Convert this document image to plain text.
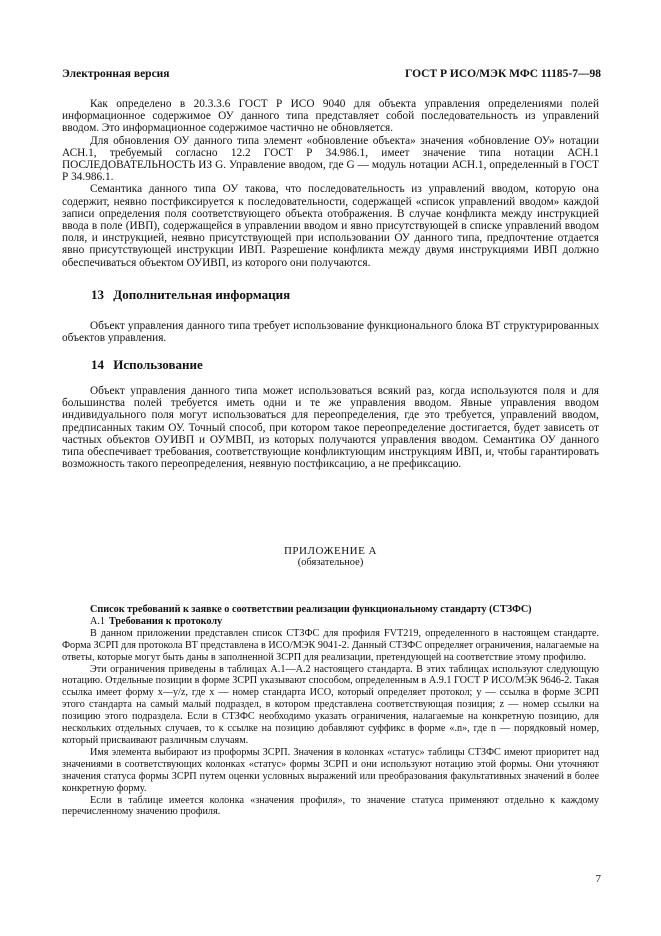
Электронная версия	ГОСТ Р ИСО/МЭК МФС 11185-7—98

Как определено в 20.3.3.6 ГОСТ Р ИСО 9040 для объекта управления определениями полей информационное содержимое ОУ данного типа представляет собой последовательность из управлений вводом. Это информационное содержимое частично не обновляется.

Для обновления ОУ данного типа элемент «обновление объекта» значения «обновление ОУ» нотации АСН.1, требуемый согласно 12.2 ГОСТ Р 34.986.1, имеет значение типа нотации АСН.1 ПОСЛЕДОВАТЕЛЬНОСТЬ ИЗ G. Управление вводом, где G — модуль нотации АСН.1, определенный в ГОСТ Р 34.986.1.

Семантика данного типа ОУ такова, что последовательность из управлений вводом, которую она содержит, неявно постфиксируется к последовательности, содержащей «список управлений вводом» каждой записи определения поля соответствующего объекта отображения. В случае конфликта между инструкцией ввода в поле (ИВП), содержащейся в управлении вводом и явно присутствующей в списке управлений вводом поля, и инструкцией, неявно присутствующей при использовании ОУ данного типа, предпочтение отдается явно присутствующей инструкции ИВП. Разрешение конфликта между двумя инструкциями ИВП должно обеспечиваться объектом ОУИВП, из которого они получаются.

13 Дополнительная информация

Объект управления данного типа требует использование функционального блока ВТ структурированных объектов управления.

14 Использование

Объект управления данного типа может использоваться всякий раз, когда используются поля и для большинства полей требуется иметь одни и те же управления вводом. Явные управления вводом индивидуального поля могут использоваться для переопределения, где это требуется, управлений вводом, предписанных таким ОУ. Точный способ, при котором такое переопределение достигается, будет зависеть от частных объектов ОУИВП и ОУМВП, из которых получаются управления вводом. Семантика ОУ данного типа обеспечивает требования, соответствующие конфликтующим инструкциям ИВП, и, чтобы гарантировать возможность такого переопределения, неявную постфиксацию, а не префиксацию.

ПРИЛОЖЕНИЕ А
(обязательное)

Список требований к заявке о соответствии реализации функциональному стандарту (СТЗФС)

А.1 Требования к протоколу

В данном приложении представлен список СТЗФС для профиля FVT219, определенного в настоящем стандарте. Форма ЗСРП для протокола ВТ представлена в ИСО/МЭК 9041-2. Данный СТЗФС определяет ограничения, налагаемые на ответы, которые могут быть даны в заполненной ЗСРП для реализации, претендующей на соответствие этому профилю.

Эти ограничения приведены в таблицах А.1—А.2 настоящего стандарта. В этих таблицах используют следующую нотацию. Отдельные позиции в форме ЗСРП указывают способом, определенным в А.9.1 ГОСТ Р ИСО/МЭК 9646-2. Такая ссылка имеет форму x—y/z, где x — номер стандарта ИСО, который определяет протокол; y — ссылка в форме ЗСРП этого стандарта на самый малый подраздел, в котором представлена соответствующая позиция; z — номер ссылки на позицию этого подраздела. Если в СТЗФС необходимо указать ограничения, налагаемые на конкретную позицию, для нескольких отдельных случаев, то к ссылке на позицию добавляют суффикс в форме «.n», где n — порядковый номер, который присваивают различным случаям.

Имя элемента выбирают из проформы ЗСРП. Значения в колонках «статус» таблицы СТЗФС имеют приоритет над значениями в соответствующих колонках «статус» формы ЗСРП и они используют нотацию этой формы. Они уточняют значения статуса формы ЗСРП путем оценки условных выражений или преобразования факультативных значений в более конкретную форму.

Если в таблице имеется колонка «значения профиля», то значение статуса применяют отдельно к каждому перечисленному значению профиля.

7
